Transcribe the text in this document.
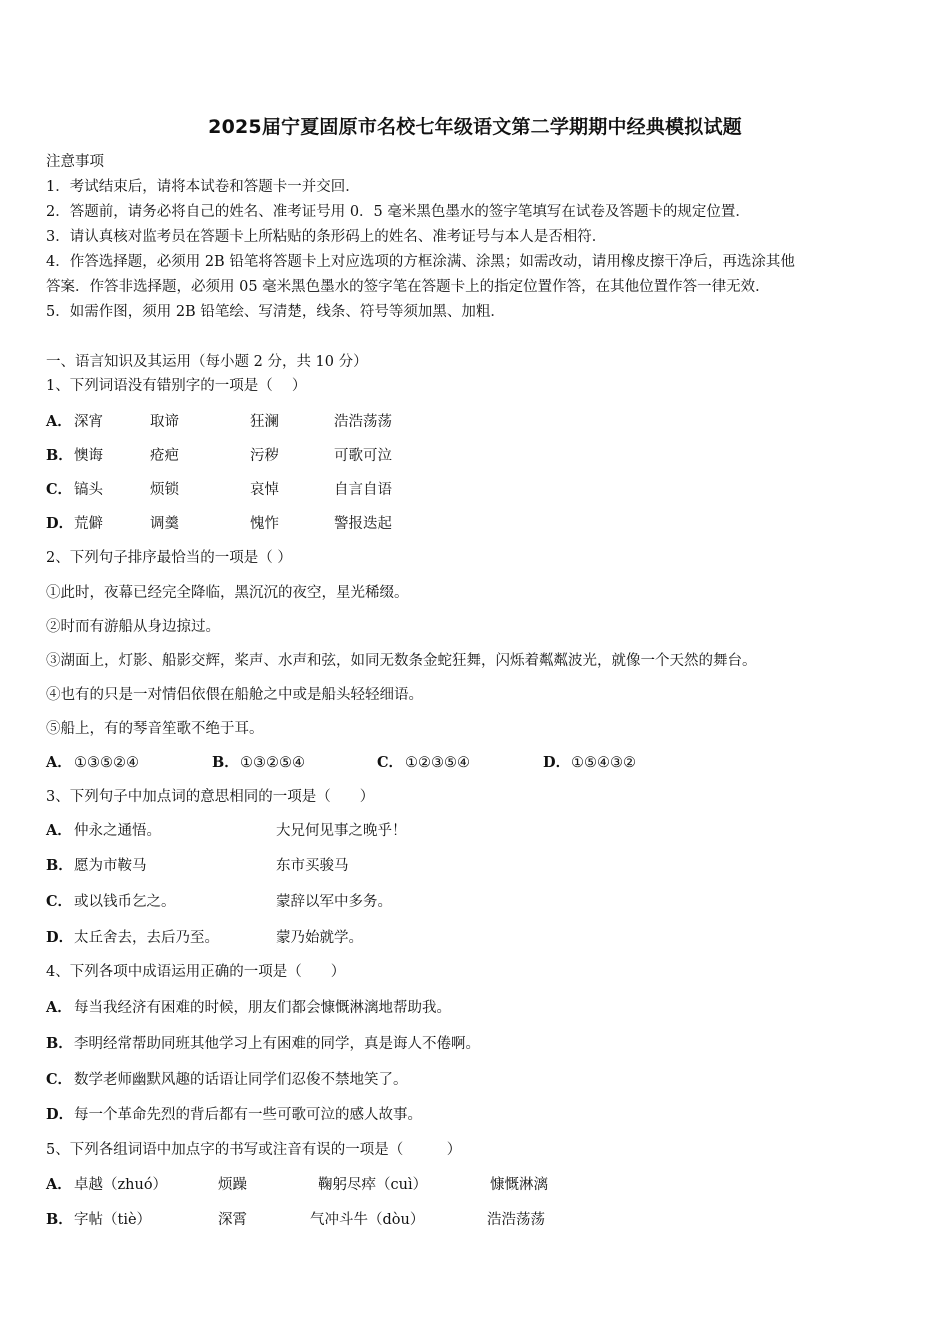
2025届宁夏固原市名校七年级语文第二学期期中经典模拟试题
注意事项
1．考试结束后，请将本试卷和答题卡一并交回．
2．答题前，请务必将自己的姓名、准考证号用 0．5 毫米黑色墨水的签字笔填写在试卷及答题卡的规定位置．
3．请认真核对监考员在答题卡上所粘贴的条形码上的姓名、准考证号与本人是否相符．
4．作答选择题，必须用 2B 铅笔将答题卡上对应选项的方框涂满、涂黑；如需改动，请用橡皮擦干净后，再选涂其他
答案．作答非选择题，必须用 05 毫米黑色墨水的签字笔在答题卡上的指定位置作答，在其他位置作答一律无效．
5．如需作图，须用 2B 铅笔绘、写清楚，线条、符号等须加黑、加粗．
一、语言知识及其运用（每小题 2 分，共 10 分）
1、下列词语没有错别字的一项是（　 ）
A． 深宵	取谛	狂澜	浩浩荡荡
B． 懊诲	疮疤	污秽	可歌可泣
C． 镐头	烦锁	哀悼	自言自语
D． 荒僻	调羹	愧怍	警报迭起
2、下列句子排序最恰当的一项是（ ）
①此时，夜幕已经完全降临，黑沉沉的夜空，星光稀缀。
②时而有游船从身边掠过。
③湖面上，灯影、船影交辉，桨声、水声和弦，如同无数条金蛇狂舞，闪烁着粼粼波光，就像一个天然的舞台。
④也有的只是一对情侣依偎在船舱之中或是船头轻轻细语。
⑤船上，有的琴音笙歌不绝于耳。
A． ①③⑤②④	B． ①③②⑤④	C． ①②③⑤④	D． ①⑤④③②
3、下列句子中加点词的意思相同的一项是（　　）
A． 仲永之通悟。	大兄何见事之晚乎！
B． 愿为市鞍马	东市买骏马
C． 或以钱币乞之。	蒙辞以军中多务。
D． 太丘舍去，去后乃至。	蒙乃始就学。
4、下列各项中成语运用正确的一项是（　　）
A． 每当我经济有困难的时候，朋友们都会慷慨淋漓地帮助我。
B． 李明经常帮助同班其他学习上有困难的同学，真是诲人不倦啊。
C． 数学老师幽默风趣的话语让同学们忍俊不禁地笑了。
D． 每一个革命先烈的背后都有一些可歌可泣的感人故事。
5、下列各组词语中加点字的书写或注音有误的一项是（　　　）
A． 卓越（zhuó）	烦躁	鞠躬尽瘁（cuì）	慷慨淋漓
B． 字帖（tiè）	深霄	气冲斗牛（dòu）	浩浩荡荡
